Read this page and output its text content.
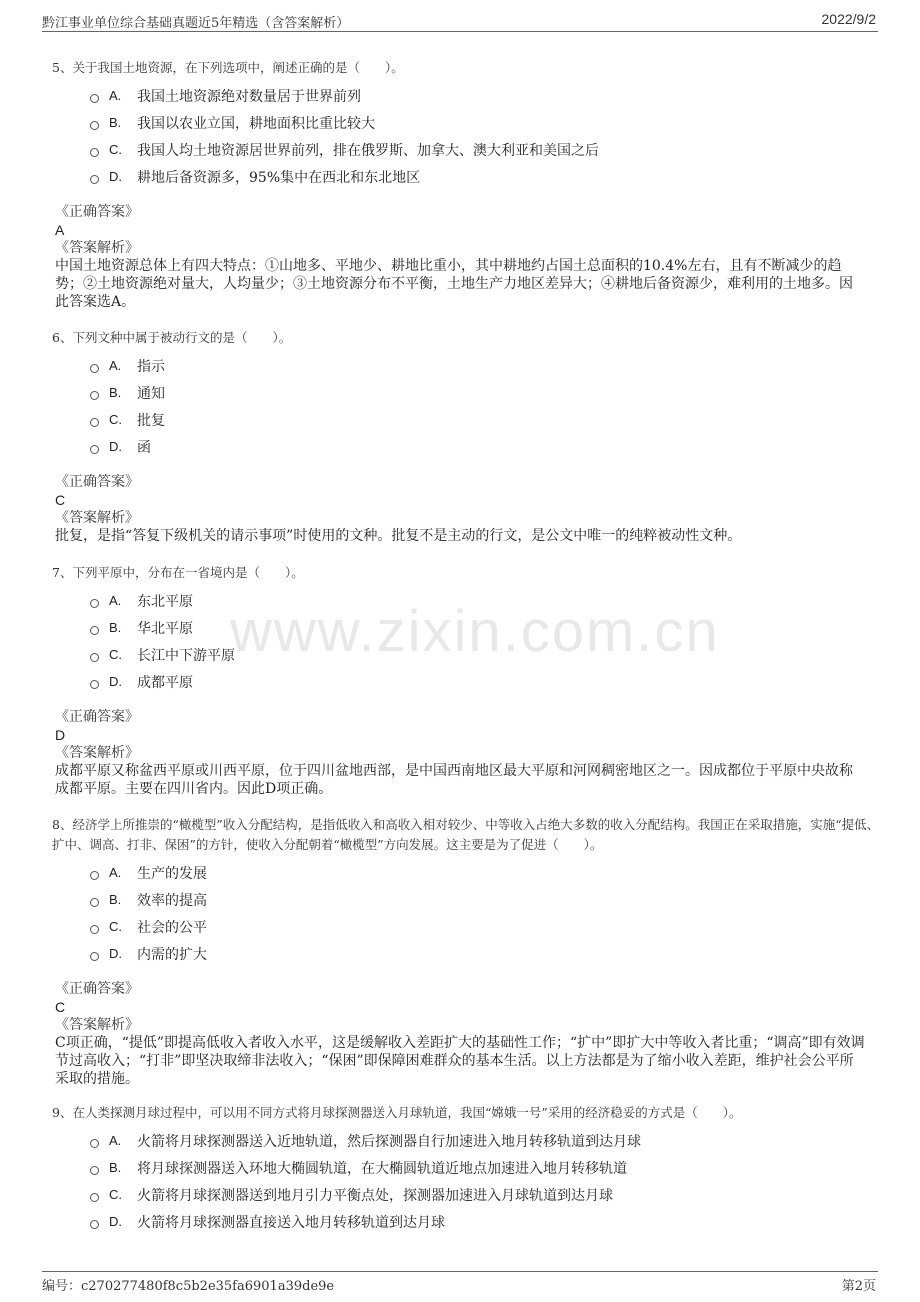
黔江事业单位综合基础真题近5年精选（含答案解析）	2022/9/2
www.zixin.com.cn
5、关于我国土地资源，在下列选项中，阐述正确的是（　　）。
A.	我国土地资源绝对数量居于世界前列
B.	我国以农业立国，耕地面积比重比较大
C.	我国人均土地资源居世界前列，排在俄罗斯、加拿大、澳大利亚和美国之后
D.	耕地后备资源多，95%集中在西北和东北地区
《正确答案》
A
《答案解析》
中国土地资源总体上有四大特点：①山地多、平地少、耕地比重小，其中耕地约占国土总面积的10.4%左右，且有不断减少的趋势；②土地资源绝对量大，人均量少；③土地资源分布不平衡，土地生产力地区差异大；④耕地后备资源少，难利用的土地多。因此答案选A。
6、下列文种中属于被动行文的是（　　）。
A.	指示
B.	通知
C.	批复
D.	函
《正确答案》
C
《答案解析》
批复，是指“答复下级机关的请示事项”时使用的文种。批复不是主动的行文，是公文中唯一的纯粹被动性文种。
7、下列平原中，分布在一省境内是（　　）。
A.	东北平原
B.	华北平原
C.	长江中下游平原
D.	成都平原
《正确答案》
D
《答案解析》
成都平原又称盆西平原或川西平原，位于四川盆地西部，是中国西南地区最大平原和河网稠密地区之一。因成都位于平原中央故称成都平原。主要在四川省内。因此D项正确。
8、经济学上所推崇的“橄榄型”收入分配结构，是指低收入和高收入相对较少、中等收入占绝大多数的收入分配结构。我国正在采取措施，实施“提低、扩中、调高、打非、保困”的方针，使收入分配朝着“橄榄型”方向发展。这主要是为了促进（　　）。
A.	生产的发展
B.	效率的提高
C.	社会的公平
D.	内需的扩大
《正确答案》
C
《答案解析》
C项正确，“提低”即提高低收入者收入水平，这是缓解收入差距扩大的基础性工作；“扩中”即扩大中等收入者比重；“调高”即有效调节过高收入；“打非”即坚决取缔非法收入；“保困”即保障困难群众的基本生活。以上方法都是为了缩小收入差距，维护社会公平所采取的措施。
9、在人类探测月球过程中，可以用不同方式将月球探测器送入月球轨道，我国“嫦娥一号”采用的经济稳妥的方式是（　　）。
A.	火箭将月球探测器送入近地轨道，然后探测器自行加速进入地月转移轨道到达月球
B.	将月球探测器送入环地大椭圆轨道，在大椭圆轨道近地点加速进入地月转移轨道
C.	火箭将月球探测器送到地月引力平衡点处，探测器加速进入月球轨道到达月球
D.	火箭将月球探测器直接送入地月转移轨道到达月球
编号：c270277480f8c5b2e35fa6901a39de9e	第2页
